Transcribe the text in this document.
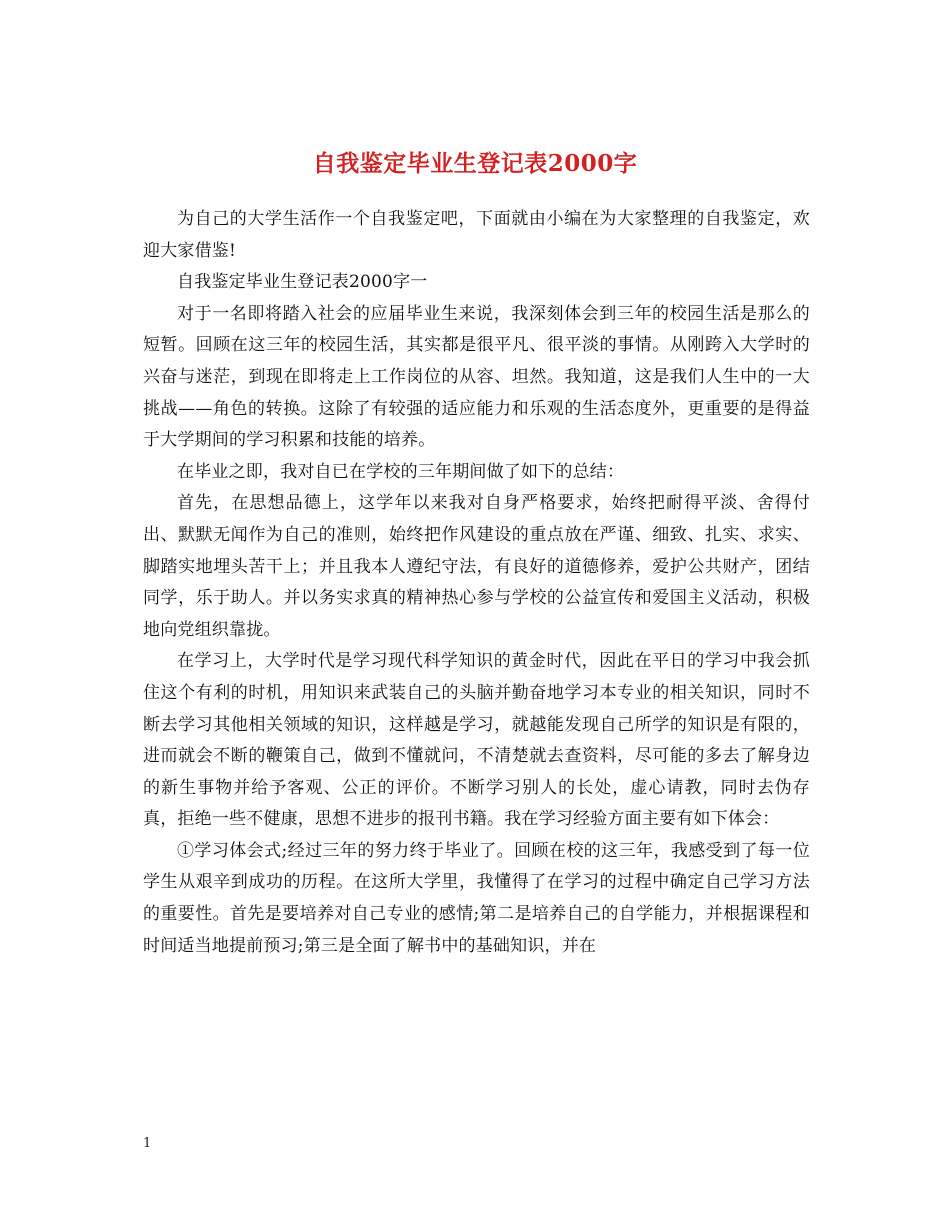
自我鉴定毕业生登记表2000字

为自己的大学生活作一个自我鉴定吧，下面就由小编在为大家整理的自我鉴定，欢迎大家借鉴!

自我鉴定毕业生登记表2000字一

对于一名即将踏入社会的应届毕业生来说，我深刻体会到三年的校园生活是那么的短暂。回顾在这三年的校园生活，其实都是很平凡、很平淡的事情。从刚跨入大学时的兴奋与迷茫，到现在即将走上工作岗位的从容、坦然。我知道，这是我们人生中的一大挑战——角色的转换。这除了有较强的适应能力和乐观的生活态度外，更重要的是得益于大学期间的学习积累和技能的培养。

在毕业之即，我对自已在学校的三年期间做了如下的总结：

首先，在思想品德上，这学年以来我对自身严格要求，始终把耐得平淡、舍得付出、默默无闻作为自己的准则，始终把作风建设的重点放在严谨、细致、扎实、求实、脚踏实地埋头苦干上；并且我本人遵纪守法，有良好的道德修养，爱护公共财产，团结同学，乐于助人。并以务实求真的精神热心参与学校的公益宣传和爱国主义活动，积极地向党组织靠拢。

在学习上，大学时代是学习现代科学知识的黄金时代，因此在平日的学习中我会抓住这个有利的时机，用知识来武装自己的头脑并勤奋地学习本专业的相关知识，同时不断去学习其他相关领域的知识，这样越是学习，就越能发现自己所学的知识是有限的，进而就会不断的鞭策自己，做到不懂就问，不清楚就去查资料，尽可能的多去了解身边的新生事物并给予客观、公正的评价。不断学习别人的长处，虚心请教，同时去伪存真，拒绝一些不健康，思想不进步的报刊书籍。我在学习经验方面主要有如下体会：

①学习体会式;经过三年的努力终于毕业了。回顾在校的这三年，我感受到了每一位学生从艰辛到成功的历程。在这所大学里，我懂得了在学习的过程中确定自己学习方法的重要性。首先是要培养对自己专业的感情;第二是培养自己的自学能力，并根据课程和时间适当地提前预习;第三是全面了解书中的基础知识，并在

1
